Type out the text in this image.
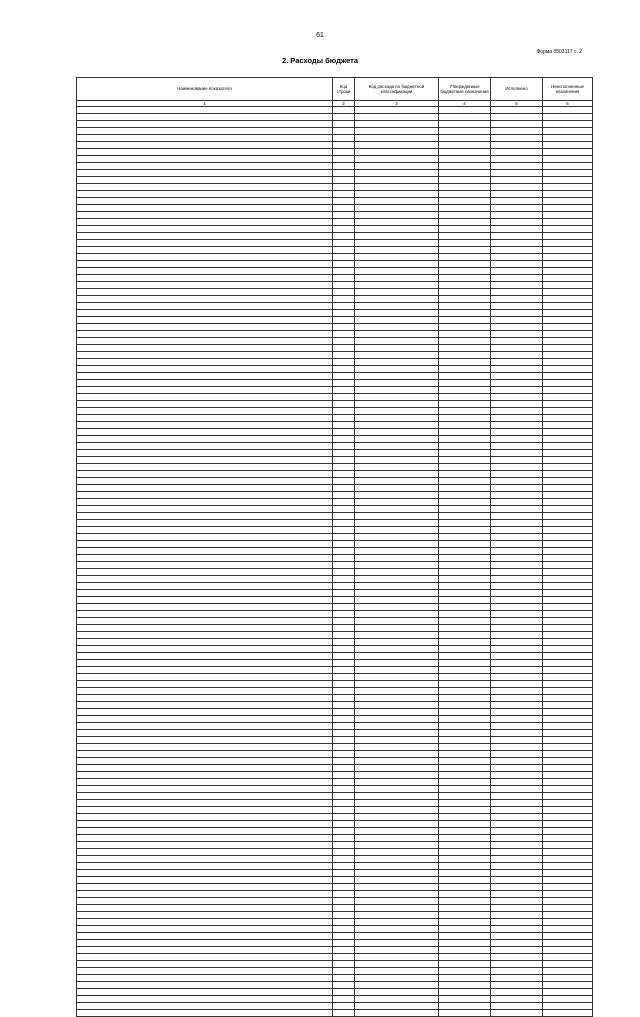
61
Форма 0503117 с. 2
2. Расходы бюджета
Наименование показателя	Код строки	Код расхода по бюджетной классификации	Утвержденные бюджетные назначения	Исполнено	Неисполненные назначения
1	2	3	4	5	6
